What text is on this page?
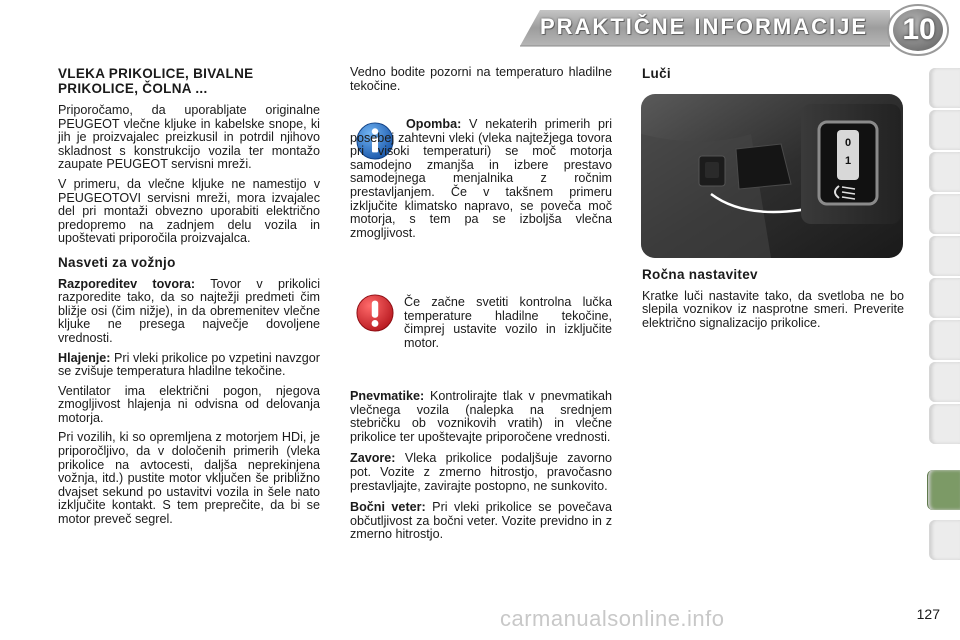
PRAKTIČNE INFORMACIJE	10
VLEKA PRIKOLICE, BIVALNE PRIKOLICE, ČOLNA ...

Priporočamo, da uporabljate originalne PEUGEOT vlečne kljuke in kabelske snope, ki jih je proizvajalec preizkusil in potrdil njihovo skladnost s konstrukcijo vozila ter montažo zaupate PEUGEOT servisni mreži.

V primeru, da vlečne kljuke ne namestijo v PEUGEOTOVI servisni mreži, mora izvajalec del pri montaži obvezno uporabiti električno predopremo na zadnjem delu vozila in upoštevati priporočila proizvajalca.

Nasveti za vožnjo

Razporeditev tovora: Tovor v prikolici razporedite tako, da so najtežji predmeti čim bližje osi (čim nižje), in da obremenitev vlečne kljuke ne presega največje dovoljene vrednosti.

Hlajenje: Pri vleki prikolice po vzpetini navzgor se zvišuje temperatura hladilne tekočine.

Ventilator ima električni pogon, njegova zmogljivost hlajenja ni odvisna od delovanja motorja.

Pri vozilih, ki so opremljena z motorjem HDi, je priporočljivo, da v določenih primerih (vleka prikolice na avtocesti, daljša neprekinjena vožnja, itd.) pustite motor vključen še približno dvajset sekund po ustavitvi vozila in šele nato izključite kontakt. S tem preprečite, da bi se motor preveč segrel.

Vedno bodite pozorni na temperaturo hladilne tekočine.

Opomba: V nekaterih primerih pri posebej zahtevni vleki (vleka najtežjega tovora pri visoki temperaturi) se moč motorja samodejno zmanjša in izbere prestavo samodejnega menjalnika z ročnim prestavljanjem. Če v takšnem primeru izključite klimatsko napravo, se poveča moč motorja, s tem pa se izboljša vlečna zmogljivost.

Če začne svetiti kontrolna lučka temperature hladilne tekočine, čimprej ustavite vozilo in izključite motor.

Pnevmatike: Kontrolirajte tlak v pnevmatikah vlečnega vozila (nalepka na srednjem stebričku ob voznikovih vratih) in vlečne prikolice ter upoštevajte priporočene vrednosti.

Zavore: Vleka prikolice podaljšuje zavorno pot. Vozite z zmerno hitrostjo, pravočasno prestavljajte, zavirajte postopno, ne sunkovito.

Bočni veter: Pri vleki prikolice se povečava občutljivost za bočni veter. Vozite previdno in z zmerno hitrostjo.

Luči
0
1
Ročna nastavitev

Kratke luči nastavite tako, da svetloba ne bo slepila voznikov iz nasprotne smeri. Preverite električno signalizacijo prikolice.

carmanualsonline.info	127
